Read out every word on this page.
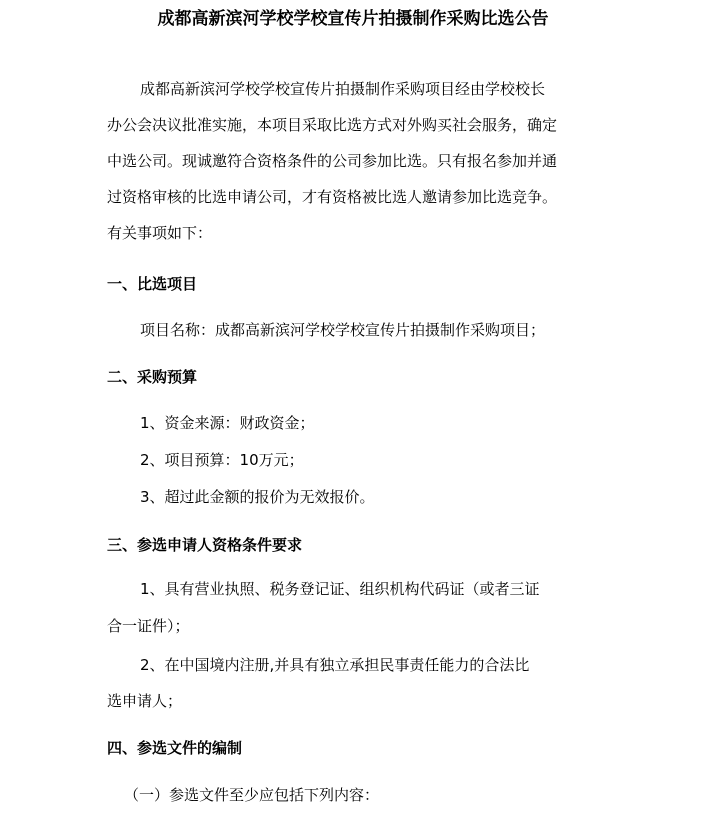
成都高新滨河学校学校宣传片拍摄制作采购比选公告
成都高新滨河学校学校宣传片拍摄制作采购项目经由学校校长
办公会决议批准实施，本项目采取比选方式对外购买社会服务，确定
中选公司。现诚邀符合资格条件的公司参加比选。只有报名参加并通
过资格审核的比选申请公司，才有资格被比选人邀请参加比选竞争。
有关事项如下：
一、比选项目
项目名称：成都高新滨河学校学校宣传片拍摄制作采购项目；
二、采购预算
1、资金来源：财政资金；
2、项目预算：10万元；
3、超过此金额的报价为无效报价。
三、参选申请人资格条件要求
1、具有营业执照、税务登记证、组织机构代码证（或者三证
合一证件）；
2、在中国境内注册,并具有独立承担民事责任能力的合法比
选申请人；
四、参选文件的编制
（一）参选文件至少应包括下列内容：
